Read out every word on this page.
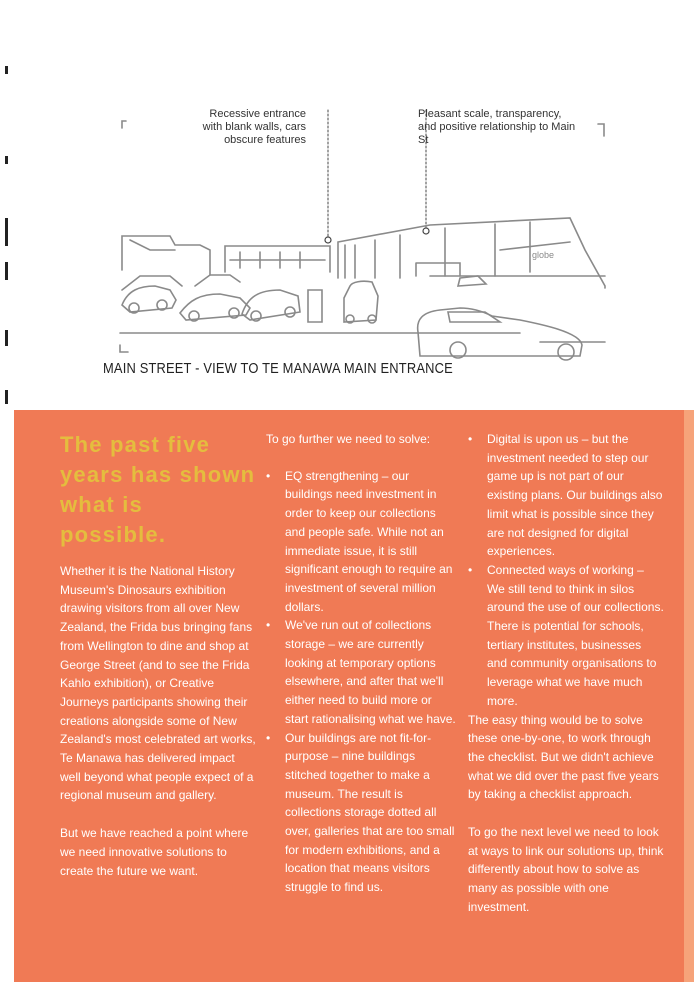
Recessive entrance with blank walls, cars obscure features
Pleasant scale, transparency, and positive relationship to Main St
globe
MAIN STREET - VIEW TO TE MANAWA MAIN ENTRANCE
The past five years has shown what is possible.

Whether it is the National History Museum's Dinosaurs exhibition drawing visitors from all over New Zealand, the Frida bus bringing fans from Wellington to dine and shop at George Street (and to see the Frida Kahlo exhibition), or Creative Journeys participants showing their creations alongside some of New Zealand's most celebrated art works, Te Manawa has delivered impact well beyond what people expect of a regional museum and gallery.

But we have reached a point where we need innovative solutions to create the future we want.

To go further we need to solve:

• EQ strengthening – our buildings need investment in order to keep our collections and people safe. While not an immediate issue, it is still significant enough to require an investment of several million dollars.
• We've run out of collections storage – we are currently looking at temporary options elsewhere, and after that we'll either need to build more or start rationalising what we have.
• Our buildings are not fit-for-purpose – nine buildings stitched together to make a museum. The result is collections storage dotted all over, galleries that are too small for modern exhibitions, and a location that means visitors struggle to find us.
• Digital is upon us – but the investment needed to step our game up is not part of our existing plans. Our buildings also limit what is possible since they are not designed for digital experiences.
• Connected ways of working – We still tend to think in silos around the use of our collections. There is potential for schools, tertiary institutes, businesses and community organisations to leverage what we have much more.

The easy thing would be to solve these one-by-one, to work through the checklist. But we didn't achieve what we did over the past five years by taking a checklist approach.

To go the next level we need to look at ways to link our solutions up, think differently about how to solve as many as possible with one investment.
